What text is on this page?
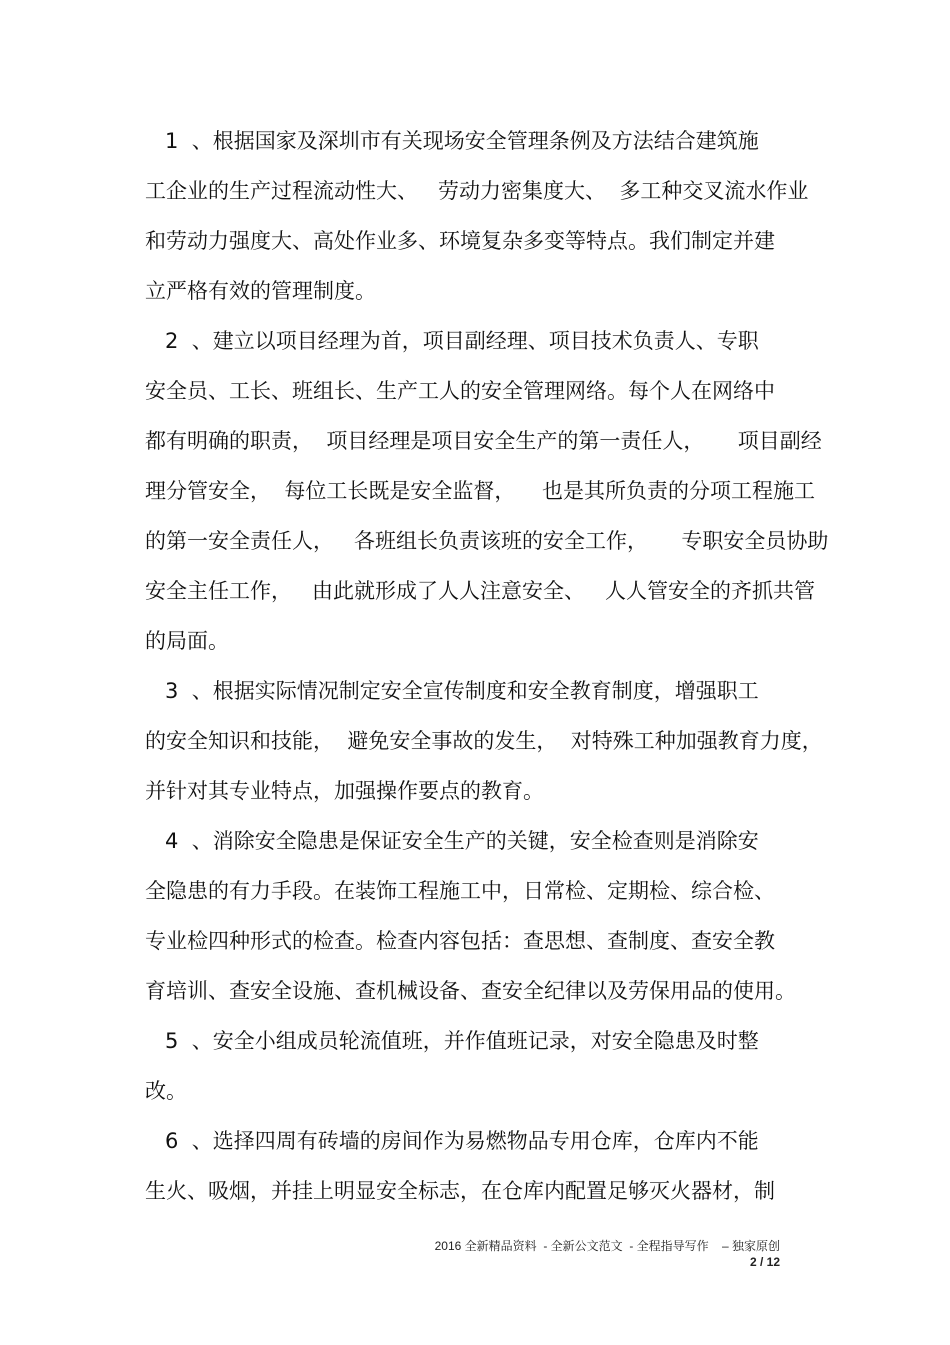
1  、根据国家及深圳市有关现场安全管理条例及方法结合建筑施
工企业的生产过程流动性大、   劳动力密集度大、  多工种交叉流水作业
和劳动力强度大、高处作业多、环境复杂多变等特点。我们制定并建
立严格有效的管理制度。
2  、建立以项目经理为首，项目副经理、项目技术负责人、专职
安全员、工长、班组长、生产工人的安全管理网络。每个人在网络中
都有明确的职责，  项目经理是项目安全生产的第一责任人，     项目副经
理分管安全，  每位工长既是安全监督，    也是其所负责的分项工程施工
的第一安全责任人，   各班组长负责该班的安全工作，     专职安全员协助
安全主任工作，   由此就形成了人人注意安全、   人人管安全的齐抓共管
的局面。
3  、根据实际情况制定安全宣传制度和安全教育制度，增强职工
的安全知识和技能，  避免安全事故的发生，  对特殊工种加强教育力度，
并针对其专业特点，加强操作要点的教育。
4  、消除安全隐患是保证安全生产的关键，安全检查则是消除安
全隐患的有力手段。在装饰工程施工中，日常检、定期检、综合检、
专业检四种形式的检查。检查内容包括：查思想、查制度、查安全教
育培训、查安全设施、查机械设备、查安全纪律以及劳保用品的使用。
5  、安全小组成员轮流值班，并作值班记录，对安全隐患及时整
改。
6  、选择四周有砖墙的房间作为易燃物品专用仓库，仓库内不能
生火、吸烟，并挂上明显安全标志，在仓库内配置足够灭火器材，制
2016 全新精品资料  - 全新公文范文  - 全程指导写作    – 独家原创
2 / 12
